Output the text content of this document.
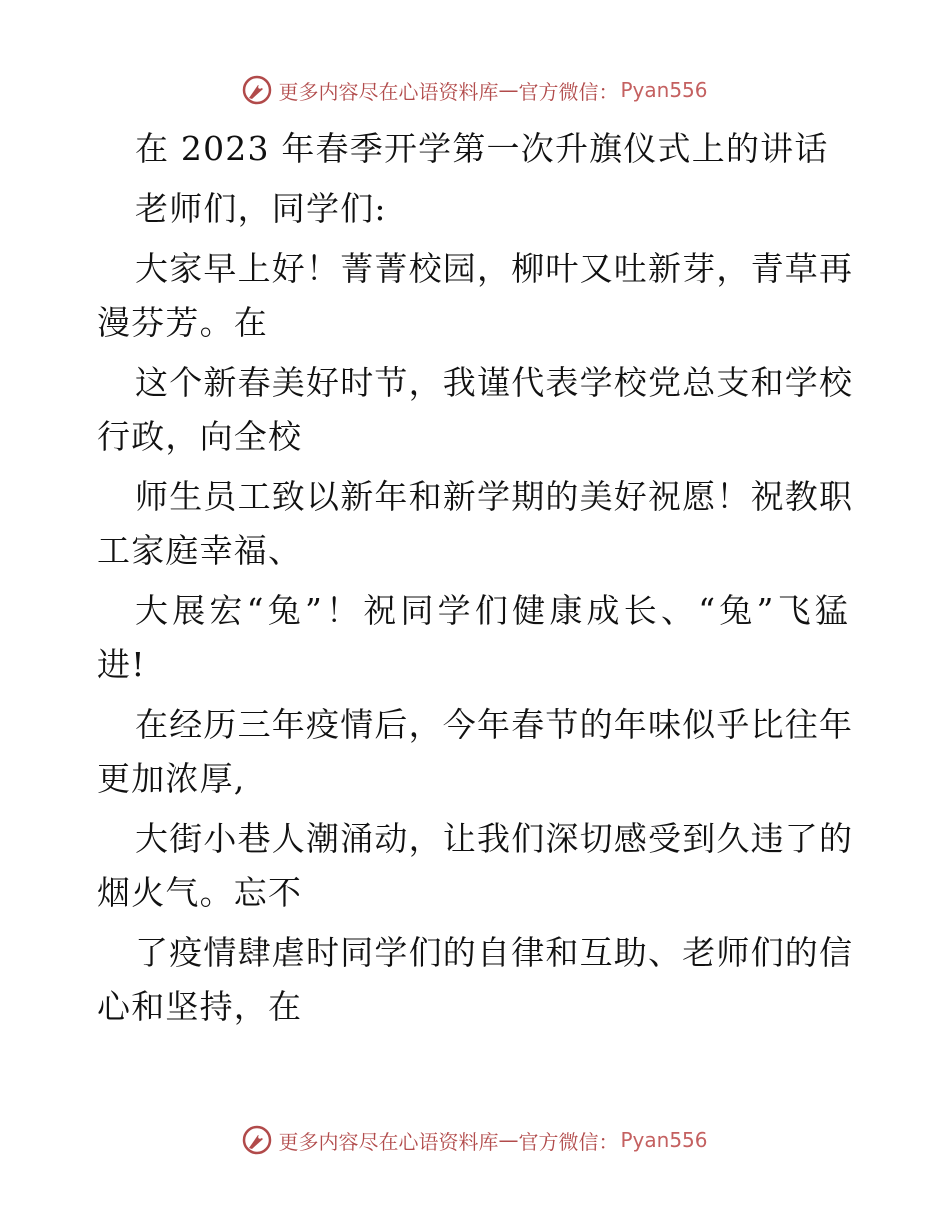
更多内容尽在心语资料库 — 官方微信： Pyan556
在 2023 年春季开学第一次升旗仪式上的讲话
老师们，同学们:
大家早上好！菁菁校园，柳叶又吐新芽，青草再
漫芬芳。在
这个新春美好时节，我谨代表学校党总支和学校
行政，向全校
师生员工致以新年和新学期的美好祝愿！祝教职
工家庭幸福、
大展宏“兔”！祝同学们健康成长、“兔”飞猛
进!
在经历三年疫情后，今年春节的年味似乎比往年
更加浓厚,
大街小巷人潮涌动，让我们深切感受到久违了的
烟火气。忘不
了疫情肆虐时同学们的自律和互助、老师们的信
心和坚持，在
更多内容尽在心语资料库 — 官方微信： Pyan556
